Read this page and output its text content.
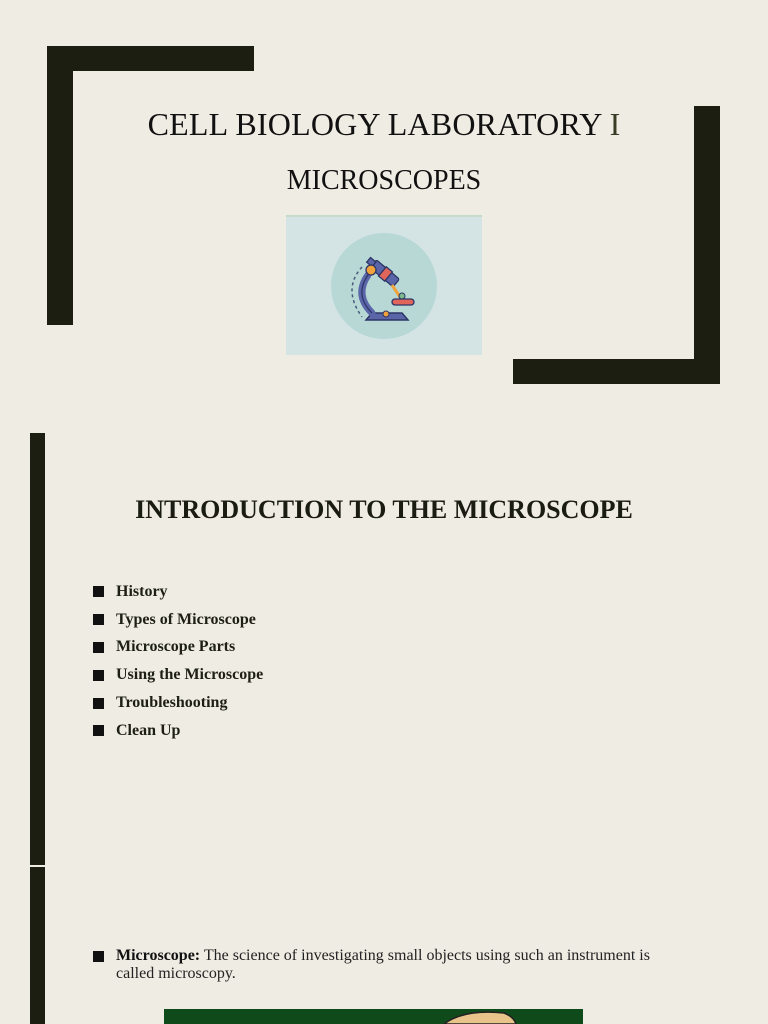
CELL BIOLOGY LABORATORY I
MICROSCOPES
INTRODUCTION TO THE MICROSCOPE
History
Types of Microscope
Microscope Parts
Using the Microscope
Troubleshooting
Clean Up
Microscope: The science of investigating small objects using such an instrument is called microscopy.
